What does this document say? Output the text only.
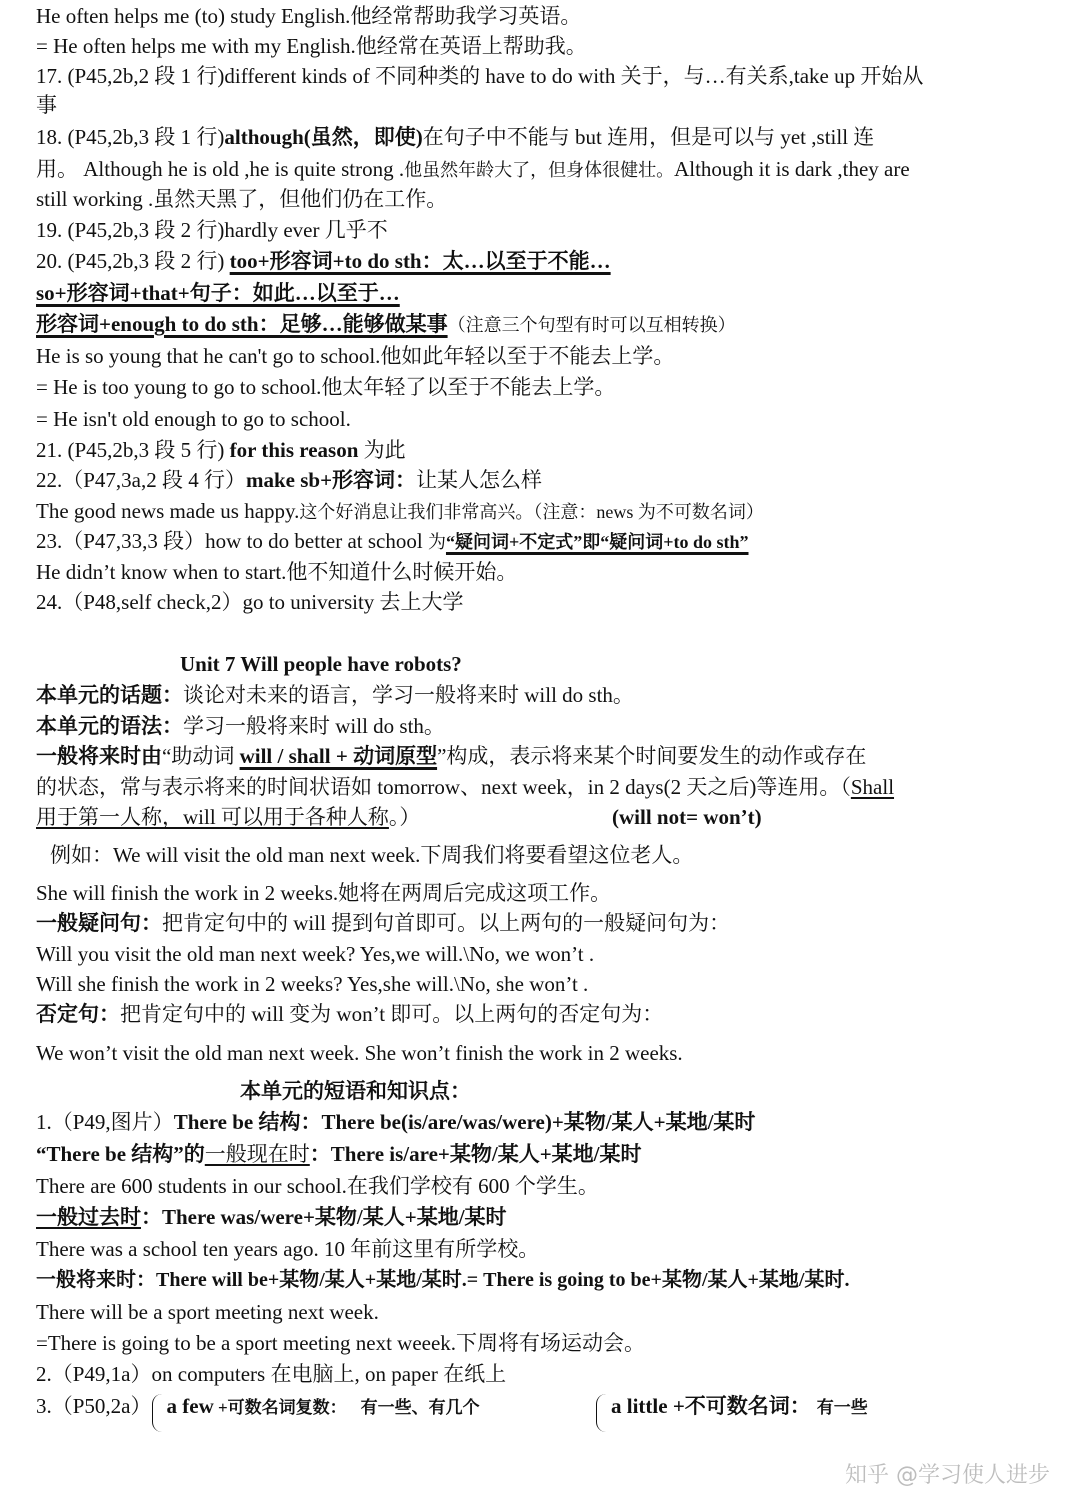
He often helps me (to) study English.他经常帮助我学习英语。
= He often helps me with my English.他经常在英语上帮助我。
17. (P45,2b,2 段 1 行)different kinds of 不同种类的 have to do with 关于，与…有关系,take up 开始从
事
18. (P45,2b,3 段 1 行)although(虽然，即使)在句子中不能与 but 连用，但是可以与 yet ,still 连
用。 Although he is old ,he is quite strong .他虽然年龄大了，但身体很健壮。Although it is dark ,they are
still working .虽然天黑了，但他们仍在工作。
19. (P45,2b,3 段 2 行)hardly ever 几乎不
20. (P45,2b,3 段 2 行) too+形容词+to do sth：太…以至于不能…
so+形容词+that+句子：如此…以至于…
形容词+enough to do sth：足够…能够做某事（注意三个句型有时可以互相转换）
He is so young that he can't go to school.他如此年轻以至于不能去上学。
= He is too young to go to school.他太年轻了以至于不能去上学。
= He isn't old enough to go to school.
21. (P45,2b,3 段 5 行) for this reason 为此
22.（P47,3a,2 段 4 行）make sb+形容词：让某人怎么样
The good news made us happy.这个好消息让我们非常高兴。（注意：news 为不可数名词）
23.（P47,33,3 段）how to do better at school 为“疑问词+不定式”即“疑问词+to do sth”
He didn’t know when to start.他不知道什么时候开始。
24.（P48,self check,2）go to university 去上大学
Unit 7 Will people have robots?
本单元的话题：谈论对未来的语言，学习一般将来时 will do sth。
本单元的语法：学习一般将来时 will do sth。
一般将来时由“助动词 will / shall + 动词原型”构成，表示将来某个时间要发生的动作或存在
的状态，常与表示将来的时间状语如 tomorrow、next week，in 2 days(2 天之后)等连用。（Shall
用于第一人称，will 可以用于各种人称。）	(will not= won’t)
例如：We will visit the old man next week.下周我们将要看望这位老人。
She will finish the work in 2 weeks.她将在两周后完成这项工作。
一般疑问句：把肯定句中的 will 提到句首即可。以上两句的一般疑问句为：
Will you visit the old man next week? Yes,we will.\No, we won’t .
Will she finish the work in 2 weeks? Yes,she will.\No, she won’t .
否定句：把肯定句中的 will 变为 won’t 即可。以上两句的否定句为：
We won’t visit the old man next week. She won’t finish the work in 2 weeks.
本单元的短语和知识点：
1.（P49,图片）There be 结构：There be(is/are/was/were)+某物/某人+某地/某时
“There be 结构”的一般现在时：There is/are+某物/某人+某地/某时
There are 600 students in our school.在我们学校有 600 个学生。
一般过去时：There was/were+某物/某人+某地/某时
There was a school ten years ago. 10 年前这里有所学校。
一般将来时：There will be+某物/某人+某地/某时.= There is going to be+某物/某人+某地/某时.
There will be a sport meeting next week.
=There is going to be a sport meeting next weeek.下周将有场运动会。
2.（P49,1a）on computers 在电脑上, on paper 在纸上
3.（P50,2a） a few +可数名词复数： 有一些、有几个	a little +不可数名词： 有一些
知乎 @学习使人进步
